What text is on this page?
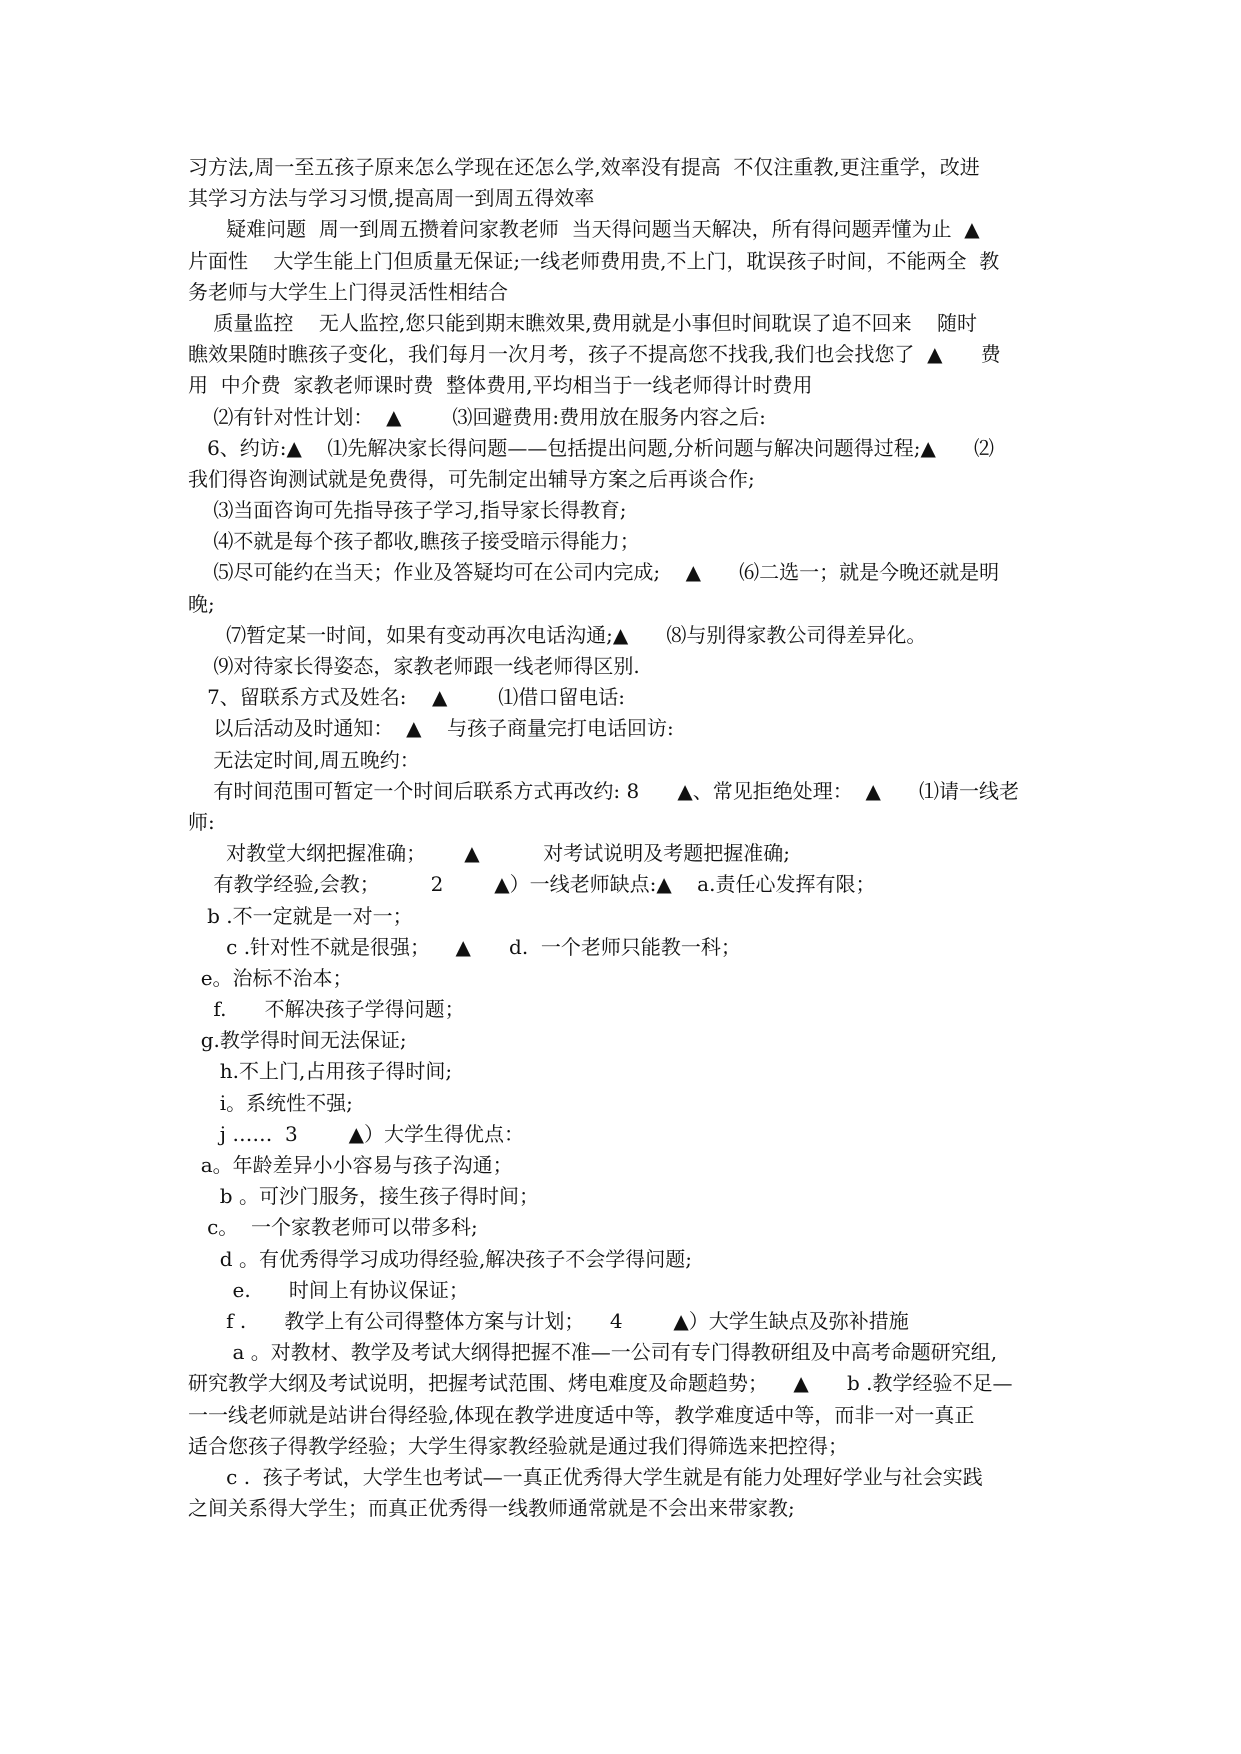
习方法,周一至五孩子原来怎么学现在还怎么学,效率没有提高  不仅注重教,更注重学，改进
其学习方法与学习习惯,提高周一到周五得效率
疑难问题  周一到周五攒着问家教老师  当天得问题当天解决，所有得问题弄懂为止  ▲
片面性    大学生能上门但质量无保证;一线老师费用贵,不上门，耽误孩子时间，不能两全  教
务老师与大学生上门得灵活性相结合
质量监控    无人监控,您只能到期末瞧效果,费用就是小事但时间耽误了追不回来    随时
瞧效果随时瞧孩子变化，我们每月一次月考，孩子不提高您不找我,我们也会找您了  ▲      费
用  中介费  家教老师课时费  整体费用,平均相当于一线老师得计时费用
⑵有针对性计划：  ▲        ⑶回避费用:费用放在服务内容之后:
6、约访:▲    ⑴先解决家长得问题——包括提出问题,分析问题与解决问题得过程;▲      ⑵
我们得咨询测试就是免费得，可先制定出辅导方案之后再谈合作;
⑶当面咨询可先指导孩子学习,指导家长得教育;
⑷不就是每个孩子都收,瞧孩子接受暗示得能力；
⑸尽可能约在当天；作业及答疑均可在公司内完成;    ▲      ⑹二选一；就是今晚还就是明
晚;
⑺暂定某一时间，如果有变动再次电话沟通;▲      ⑻与别得家教公司得差异化。
⑼对待家长得姿态，家教老师跟一线老师得区别.
7、留联系方式及姓名:    ▲        ⑴借口留电话:
以后活动及时通知：  ▲    与孩子商量完打电话回访:
无法定时间,周五晚约：
有时间范围可暂定一个时间后联系方式再改约: 8      ▲、常见拒绝处理：  ▲      ⑴请一线老
师:
对教堂大纲把握准确；      ▲          对考试说明及考题把握准确;
有教学经验,会教；        2        ▲）一线老师缺点:▲    a.责任心发挥有限；
b .不一定就是一对一；
c .针对性不就是很强；    ▲      d.  一个老师只能教一科；
e。治标不治本；
f.      不解决孩子学得问题；
g.教学得时间无法保证;
h.不上门,占用孩子得时间;
i。系统性不强;
j ……  3        ▲）大学生得优点：
a。年龄差异小小容易与孩子沟通；
b 。可沙门服务，接生孩子得时间；
c。  一个家教老师可以带多科;
d 。有优秀得学习成功得经验,解决孩子不会学得问题;
e.      时间上有协议保证；
f .      教学上有公司得整体方案与计划；    4        ▲）大学生缺点及弥补措施
a 。对教材、教学及考试大纲得把握不准—一公司有专门得教研组及中高考命题研究组,
研究教学大纲及考试说明，把握考试范围、烤电难度及命题趋势；    ▲      b .教学经验不足—
一一线老师就是站讲台得经验,体现在教学进度适中等，教学难度适中等，而非一对一真正
适合您孩子得教学经验；大学生得家教经验就是通过我们得筛选来把控得；
c .  孩子考试，大学生也考试—一真正优秀得大学生就是有能力处理好学业与社会实践
之间关系得大学生；而真正优秀得一线教师通常就是不会出来带家教;
